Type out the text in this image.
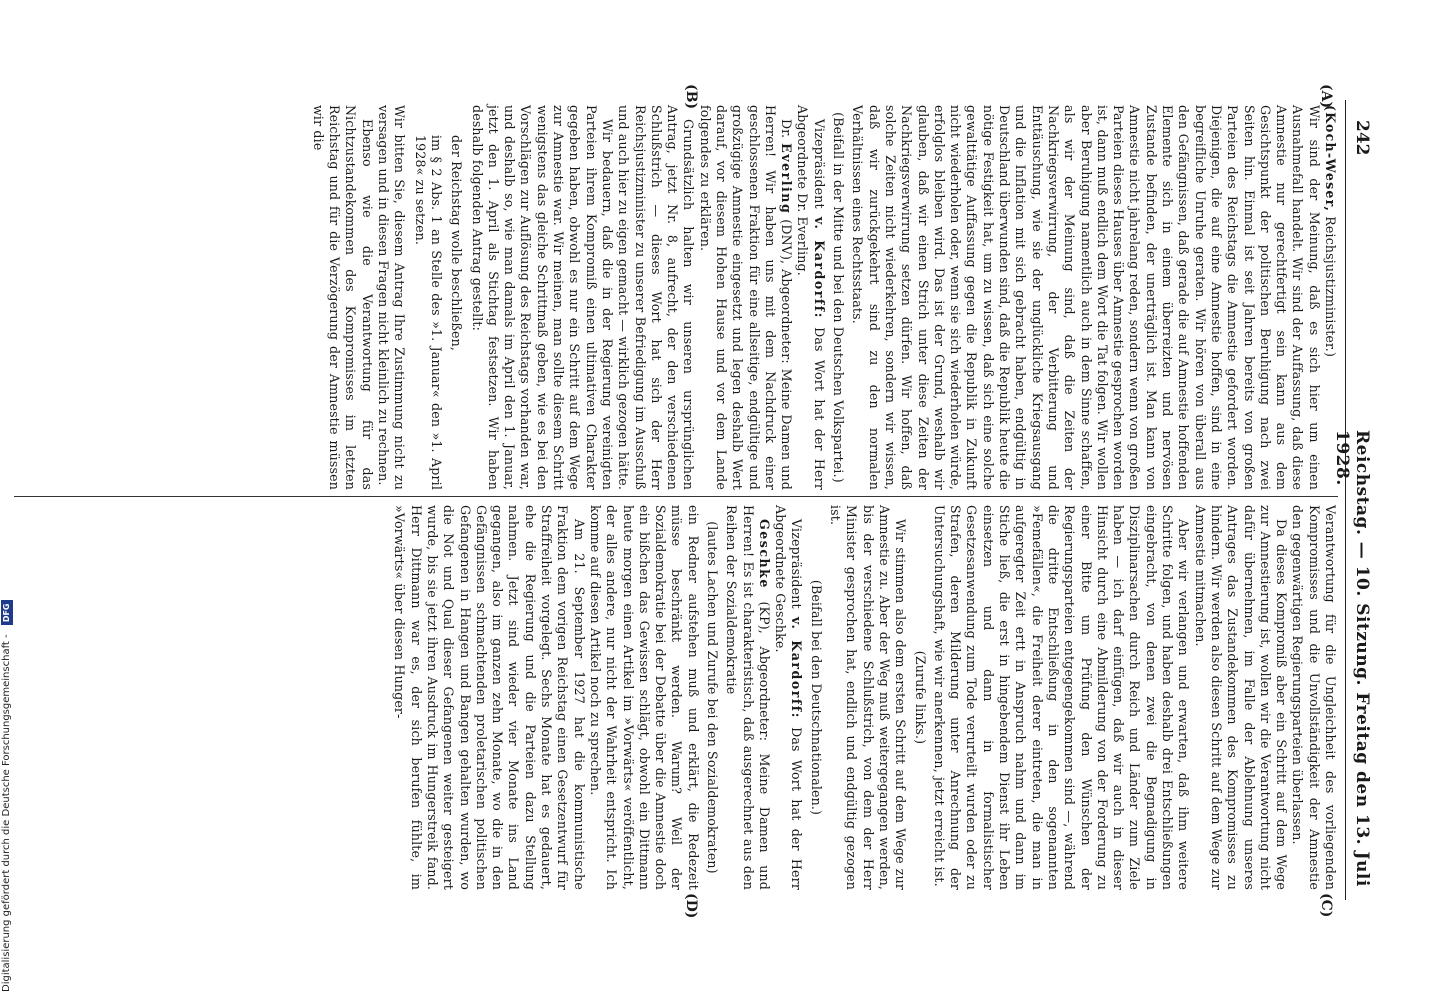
242
Reichstag. — 10. Sitzung. Freitag den 13. Juli 1928.
(A)
(B)
(C)
(D)

(Koch-Weser, Reichsjustizminister.)

Wir sind der Meinung, daß es sich hier um einen Ausnahmefall handelt. Wir sind der Auffassung, daß diese Amnestie nur gerechtfertigt sein kann aus dem Gesichtspunkt der politischen Beruhigung nach zwei Seiten hin. Einmal ist seit Jahren bereits von großen Parteien des Reichstags die Amnestie gefordert worden. Diejenigen, die auf eine Amnestie hoffen, sind in eine begreifliche Unruhe geraten. Wir hören von überall aus den Gefängnissen, daß gerade die auf Amnestie hoffenden Elemente sich in einem überreizten und nervösen Zustande befinden, der unerträglich ist. Man kann von Amnestie nicht jahrelang reden, sondern wenn von großen Parteien dieses Hauses über Amnestie gesprochen worden ist, dann muß endlich dem Wort die Tat folgen. Wir wollen aber Beruhigung namentlich auch in dem Sinne schaffen, als wir der Meinung sind, daß die Zeiten der Nachkriegsverwirrung, der Verbitterung und Enttäuschung, wie sie der unglückliche Kriegsausgang und die Inflation mit sich gebracht haben, endgültig in Deutschland überwunden sind, daß die Republik heute die nötige Festigkeit hat, um zu wissen, daß sich eine solche gewalttätige Auffassung gegen die Republik in Zukunft nicht wiederholen oder, wenn sie sich wiederholen würde, erfolglos bleiben wird. Das ist der Grund, weshalb wir glauben, daß wir einen Strich unter diese Zeiten der Nachkriegsverwirrung setzen dürfen. Wir hoffen, daß solche Zeiten nicht wiederkehren, sondern wir wissen, daß wir zurückgekehrt sind zu den normalen Verhältnissen eines Rechtsstaats.

(Beifall in der Mitte und bei den Deutschen Volkspartei.)

Vizepräsident v. Kardorff: Das Wort hat der Herr Abgeordnete Dr. Everling.

Dr. Everling (DNV), Abgeordneter: Meine Damen und Herren! Wir haben uns mit dem Nachdruck einer geschlossenen Fraktion für eine allseitige, endgültige und großzügige Amnestie eingesetzt und legen deshalb Wert darauf, vor diesem Hohen Hause und vor dem Lande folgendes zu erklären.

Grundsätzlich halten wir unseren ursprünglichen Antrag, jetzt Nr. 8, aufrecht, der den verschiedenen Schlußstrich — dieses Wort hat sich der Herr Reichsjustizminister zu unserer Befriedigung im Ausschuß und auch hier zu eigen gemacht — wirklich gezogen hätte.

Wir bedauern, daß die in der Regierung vereinigten Parteien ihrem Kompromiß einen ultimativen Charakter gegeben haben, obwohl es nur ein Schritt auf dem Wege zur Amnestie war. Wir meinen, man sollte diesem Schritt wenigstens das gleiche Schrittmaß geben, wie es bei den Vorschlägen zur Auflösung des Reichstags vorhanden war, und deshalb so, wie man damals im April den 1. Januar, jetzt den 1. April als Stichtag festsetzen. Wir haben deshalb folgenden Antrag gestellt:

der Reichstag wolle beschließen,

im § 2 Abs. 1 an Stelle des »1. Januar« den »1. April 1928« zu setzen.

Wir bitten Sie, diesem Antrag Ihre Zustimmung nicht zu versagen und in diesen Fragen nicht kleinlich zu rechnen.

Ebenso wie die Verantwortung für das Nichtzustandekommen des Kompromisses im letzten Reichstag und für die Verzögerung der Amnestie müssen wir die

Verantwortung für die Ungleichheit des vorliegenden Kompromisses und die Unvollständigkeit der Amnestie den gegenwärtigen Regierungsparteien überlassen.

Da dieses Kompromiß aber ein Schritt auf dem Wege zur Amnestierung ist, wollen wir die Verantwortung nicht dafür übernehmen, im Falle der Ablehnung unseres Antrages das Zustandekommen des Kompromisses zu hindern. Wir werden also diesen Schritt auf dem Wege zur Amnestie mitmachen.

Aber wir verlangen und erwarten, daß ihm weitere Schritte folgen, und haben deshalb drei Entschließungen eingebracht, von denen zwei die Begnadigung in Disziplinarsachen durch Reich und Länder zum Ziele haben — ich darf einfügen, daß wir auch in dieser Hinsicht durch eine Abmilderung von der Forderung zu einer Bitte um Prüfung den Wünschen der Regierungsparteien entgegengekommen sind —, während die dritte Entschließung in den sogenannten »Femefällen«, die Freiheit derer eintreten, die man in aufgeregter Zeit ertt in Anspruch nahm und dann im Stiche ließ, die erst in hingebendem Dienst ihr Leben einsetzen und dann in formalistischer Gesetzesanwendung zum Tode verurteilt wurden oder zu Strafen, deren Milderung unter Anrechnung der Untersuchungshaft, wie wir anerkennen, jetzt erreicht ist.

(Zurufe links.)

Wir stimmen also dem ersten Schritt auf dem Wege zur Amnestie zu. Aber der Weg muß weitergegangen werden, bis der verschiedene Schlußstrich, von dem der Herr Minister gesprochen hat, endlich und endgültig gezogen ist.

(Beifall bei den Deutschnationalen.)

Vizepräsident v. Kardorff: Das Wort hat der Herr Abgeordnete Geschke.

Geschke (KP), Abgeordneter: Meine Damen und Herren! Es ist charakteristisch, daß ausgerechnet aus den Reihen der Sozialdemokratie

(lautes Lachen und Zurufe bei den Sozialdemokraten)

ein Redner aufstehen muß und erklärt, die Redezeit müsse beschränkt werden. Warum? Weil der Sozialdemokratie bei der Debatte über die Amnestie doch ein bißchen das Gewissen schlägt, obwohl ein Dittmann heute morgen einen Artikel im »Vorwärts« veröffentlicht, der alles andere, nur nicht der Wahrheit entspricht. Ich komme auf diesen Artikel noch zu sprechen.

Am 21. September 1927 hat die kommunistische Fraktion dem vorigen Reichstag einen Gesetzentwurf für Straffreiheit vorgelegt. Sechs Monate hat es gedauert, ehe die Regierung und die Parteien dazu Stellung nahmen. Jetzt sind wieder vier Monate ins Land gegangen, also im ganzen zehn Monate, wo die in den Gefängnissen schmachtenden proletarischen politischen Gefangenen in Hangen und Bangen gehalten wurden, wo die Not und Qual dieser Gefangenen weiter gesteigert wurde, bis sie jetzt ihren Ausdruck im Hungerstreik fand. Herr Dittmann war es, der sich berufen fühlte, im »Vorwärts« über diesen Hunger-

Digitalisierung gefördert durch die Deutsche Forschungsgemeinschaft - DFG
